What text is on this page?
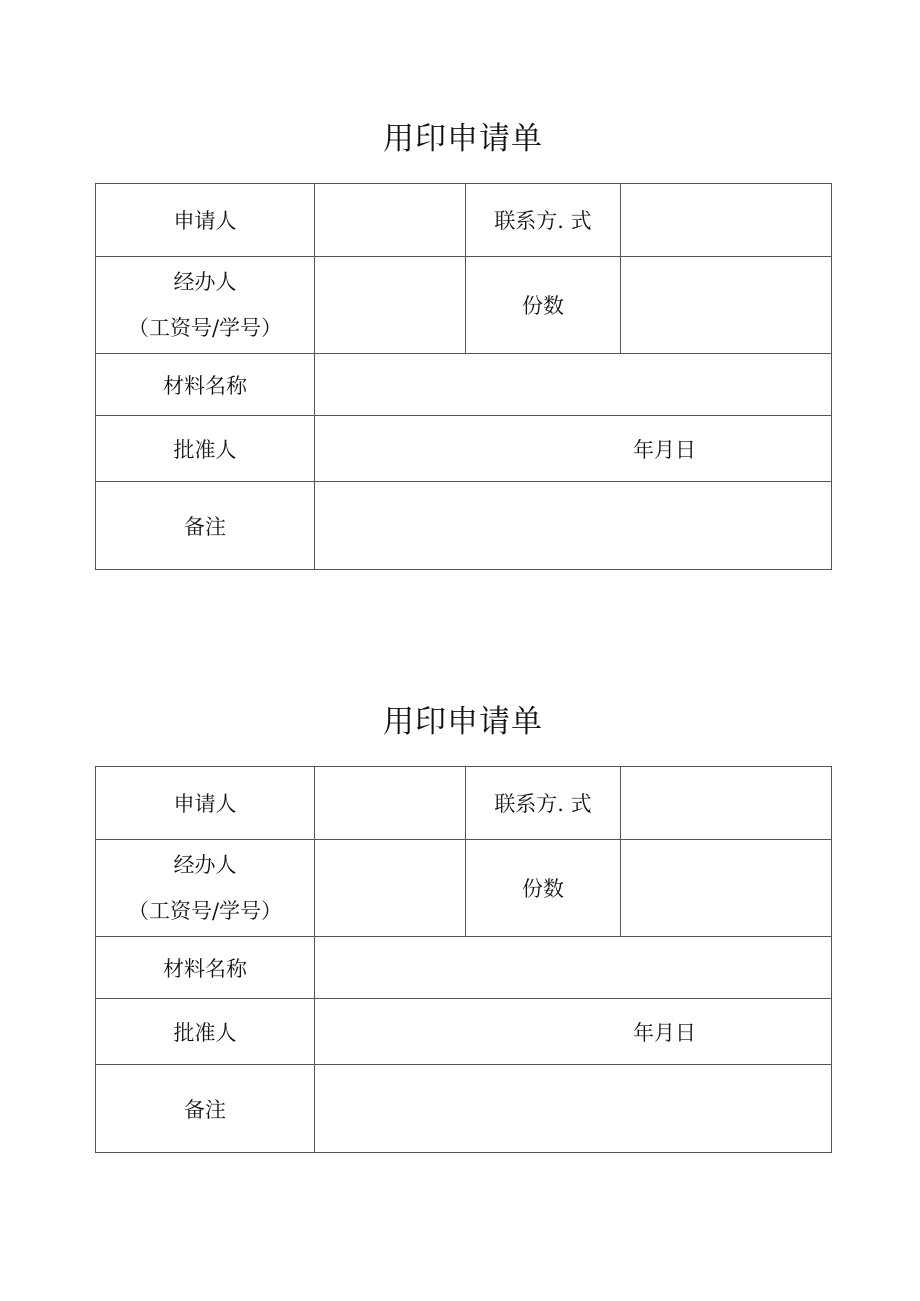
用印申请单
申请人		联系方. 式	

经办人
（工资号/学号）		份数	
材料名称			
批准人	年月日		
备注			
用印申请单
申请人		联系方. 式	

经办人
（工资号/学号）		份数	
材料名称			
批准人	年月日		
备注			
